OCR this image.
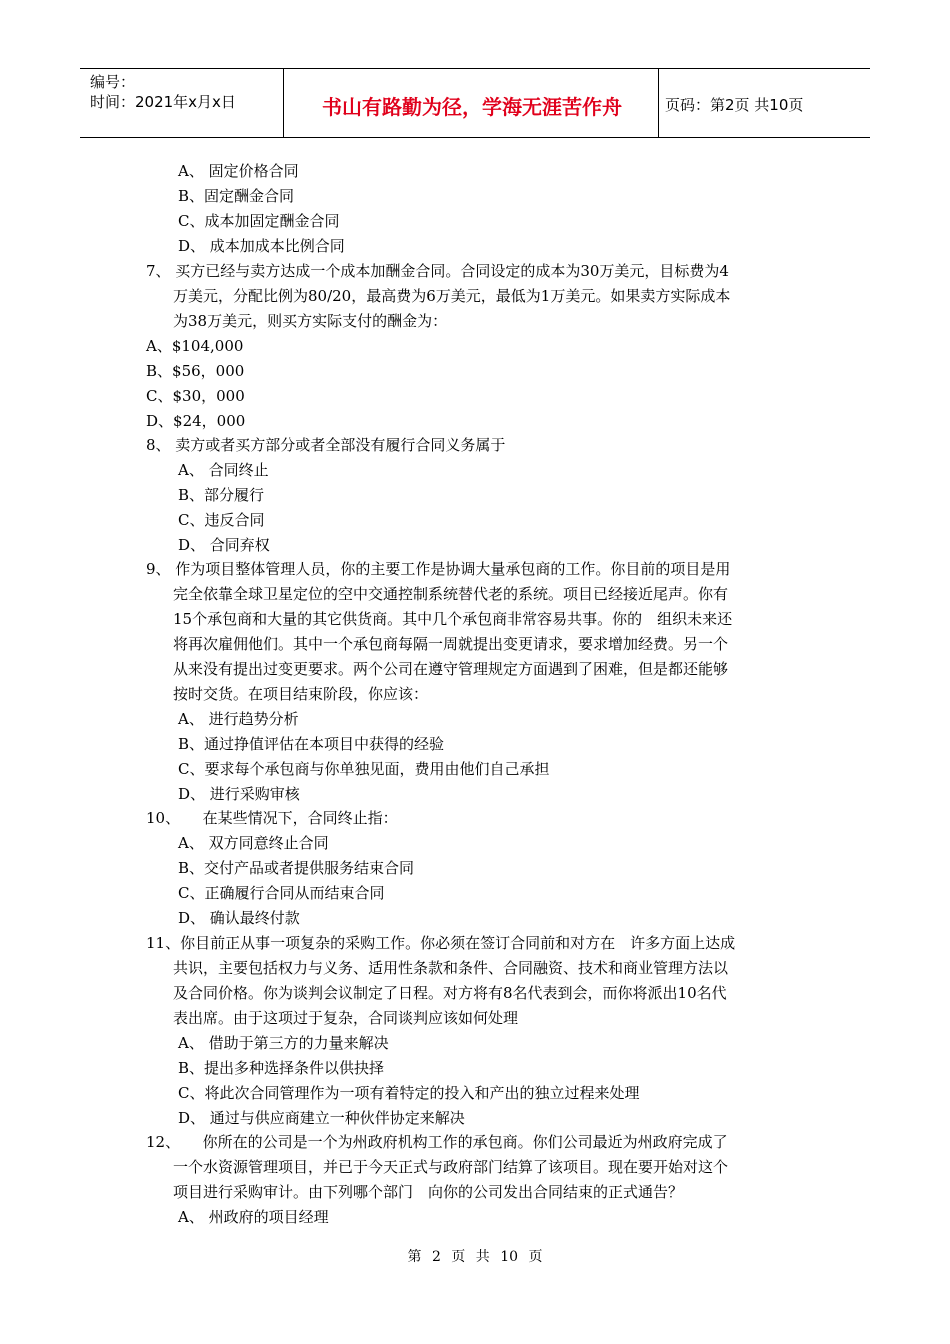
编号：
时间：2021年x月x日	书山有路勤为径，学海无涯苦作舟	页码：第2页 共10页
A、 固定价格合同
B、固定酬金合同
C、成本加固定酬金合同
D、 成本加成本比例合同
7、 买方已经与卖方达成一个成本加酬金合同。合同设定的成本为30万美元，目标费为4
万美元，分配比例为80/20，最高费为6万美元，最低为1万美元。如果卖方实际成本
为38万美元，则买方实际支付的酬金为：
A、$104,000
B、$56，000
C、$30，000
D、$24，000
8、 卖方或者买方部分或者全部没有履行合同义务属于
A、 合同终止
B、部分履行
C、违反合同
D、 合同弃权
9、 作为项目整体管理人员，你的主要工作是协调大量承包商的工作。你目前的项目是用
完全依靠全球卫星定位的空中交通控制系统替代老的系统。项目已经接近尾声。你有
15个承包商和大量的其它供货商。其中几个承包商非常容易共事。你的　组织未来还
将再次雇佣他们。其中一个承包商每隔一周就提出变更请求，要求增加经费。另一个
从来没有提出过变更要求。两个公司在遵守管理规定方面遇到了困难，但是都还能够
按时交货。在项目结束阶段，你应该：
A、 进行趋势分析
B、通过挣值评估在本项目中获得的经验
C、要求每个承包商与你单独见面，费用由他们自己承担
D、 进行采购审核
10、　　在某些情况下，合同终止指：
A、 双方同意终止合同
B、交付产品或者提供服务结束合同
C、正确履行合同从而结束合同
D、 确认最终付款
11、你目前正从事一项复杂的采购工作。你必须在签订合同前和对方在　许多方面上达成
共识，主要包括权力与义务、适用性条款和条件、合同融资、技术和商业管理方法以
及合同价格。你为谈判会议制定了日程。对方将有8名代表到会，而你将派出10名代
表出席。由于这项过于复杂，合同谈判应该如何处理
A、 借助于第三方的力量来解决
B、提出多种选择条件以供抉择
C、将此次合同管理作为一项有着特定的投入和产出的独立过程来处理
D、 通过与供应商建立一种伙伴协定来解决
12、　　你所在的公司是一个为州政府机构工作的承包商。你们公司最近为州政府完成了
一个水资源管理项目，并已于今天正式与政府部门结算了该项目。现在要开始对这个
项目进行采购审计。由下列哪个部门　向你的公司发出合同结束的正式通告？
A、 州政府的项目经理
第 2 页 共 10 页
